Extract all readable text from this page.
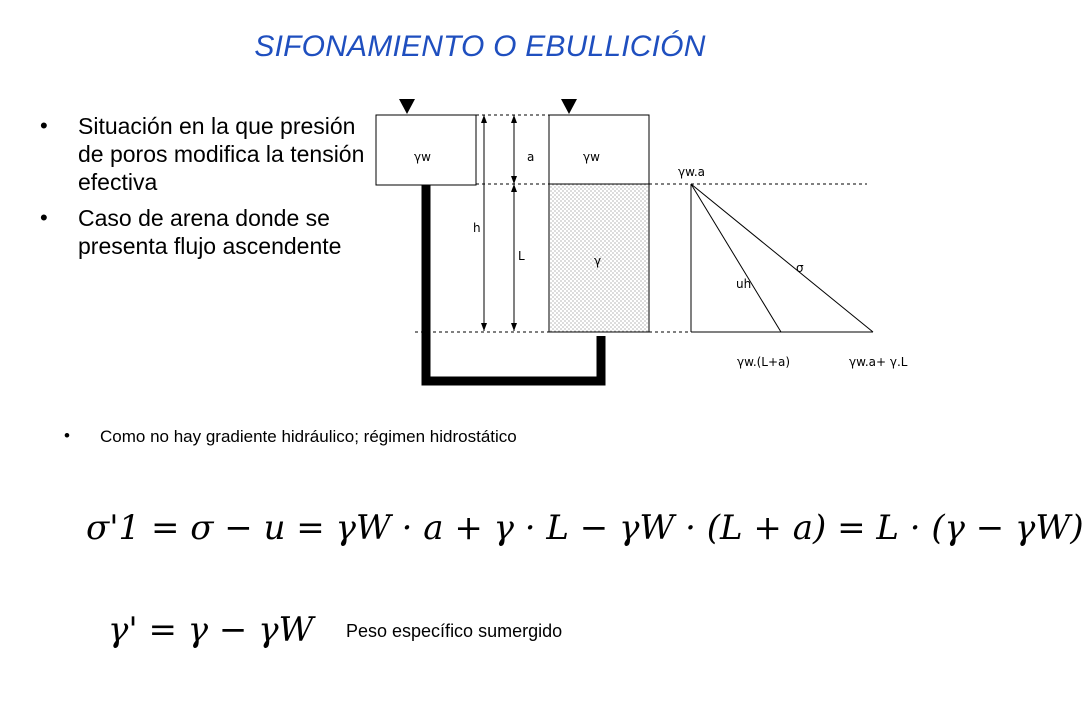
SIFONAMIENTO O EBULLICIÓN
• Situación en la que presión de poros modifica la tensión efectiva
• Caso de arena donde se presenta flujo ascendente
γw	γw
γ
a
L
h
γw.a
uh
σ
γw.(L+a)	γw.a+ γ.L
• Como no hay gradiente hidráulico; régimen hidrostático
σ'1 = σ − u = γW · a + γ · L − γW · (L + a) = L · (γ − γW)
γ' = γ − γW Peso específico sumergido
